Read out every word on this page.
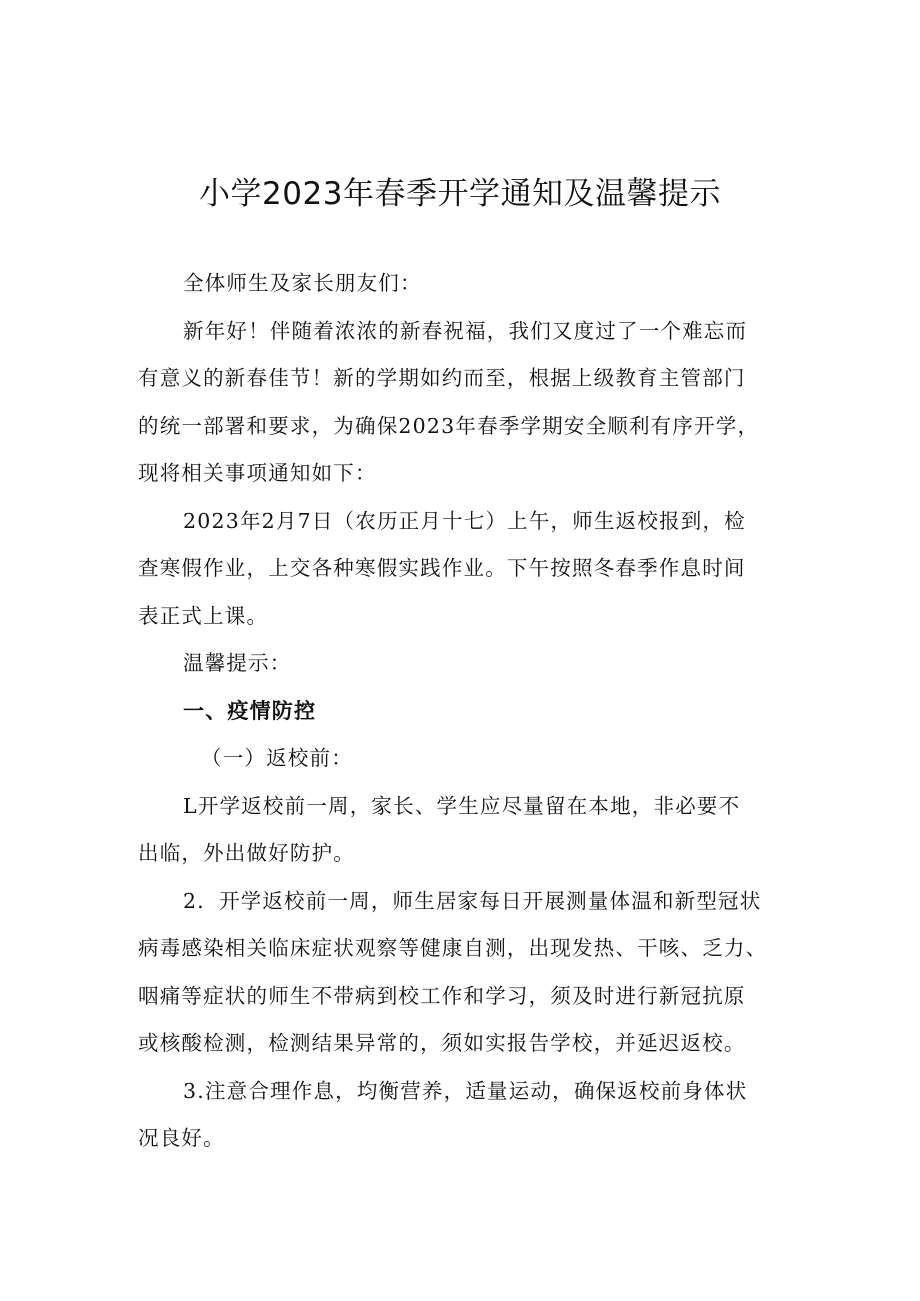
小学2023年春季开学通知及温馨提示
全体师生及家长朋友们：
新年好！伴随着浓浓的新春祝福，我们又度过了一个难忘而
有意义的新春佳节！新的学期如约而至，根据上级教育主管部门
的统一部署和要求，为确保2023年春季学期安全顺利有序开学，
现将相关事项通知如下：
2023年2月7日（农历正月十七）上午，师生返校报到，检
查寒假作业，上交各种寒假实践作业。下午按照冬春季作息时间
表正式上课。
温馨提示：
一、疫情防控
（一）返校前：
L开学返校前一周，家长、学生应尽量留在本地，非必要不
出临，外出做好防护。
2．开学返校前一周，师生居家每日开展测量体温和新型冠状
病毒感染相关临床症状观察等健康自测，出现发热、干咳、乏力、
咽痛等症状的师生不带病到校工作和学习，须及时进行新冠抗原
或核酸检测，检测结果异常的，须如实报告学校，并延迟返校。
3.注意合理作息，均衡营养，适量运动，确保返校前身体状
况良好。
